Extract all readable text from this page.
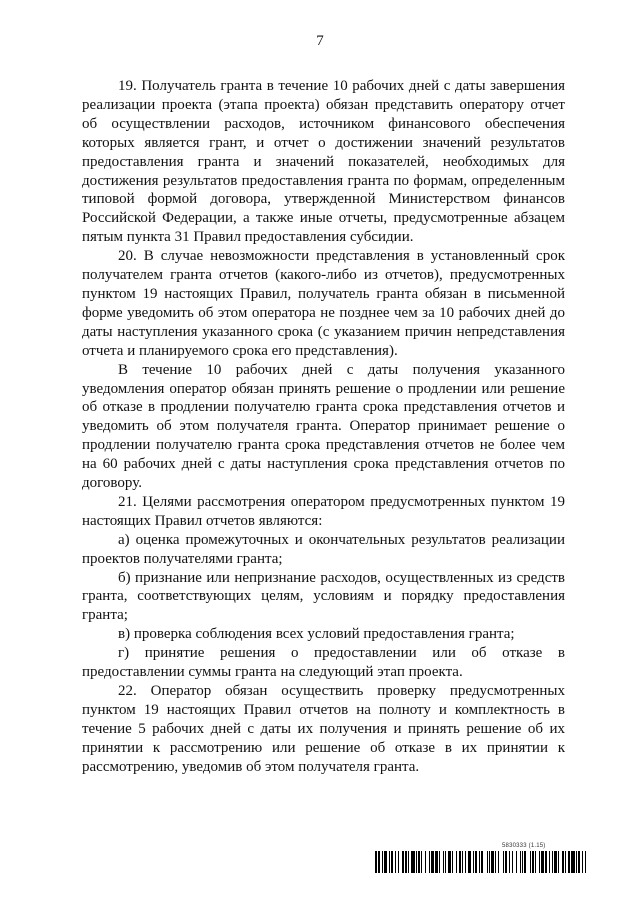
7

19. Получатель гранта в течение 10 рабочих дней с даты завершения реализации проекта (этапа проекта) обязан представить оператору отчет об осуществлении расходов, источником финансового обеспечения которых является грант, и отчет о достижении значений результатов предоставления гранта и значений показателей, необходимых для достижения результатов предоставления гранта по формам, определенным типовой формой договора, утвержденной Министерством финансов Российской Федерации, а также иные отчеты, предусмотренные абзацем пятым пункта 31 Правил предоставления субсидии.

20. В случае невозможности представления в установленный срок получателем гранта отчетов (какого-либо из отчетов), предусмотренных пунктом 19 настоящих Правил, получатель гранта обязан в письменной форме уведомить об этом оператора не позднее чем за 10 рабочих дней до даты наступления указанного срока (с указанием причин непредставления отчета и планируемого срока его представления).

В течение 10 рабочих дней с даты получения указанного уведомления оператор обязан принять решение о продлении или решение об отказе в продлении получателю гранта срока представления отчетов и уведомить об этом получателя гранта. Оператор принимает решение о продлении получателю гранта срока представления отчетов не более чем на 60 рабочих дней с даты наступления срока представления отчетов по договору.

21. Целями рассмотрения оператором предусмотренных пунктом 19 настоящих Правил отчетов являются:

а) оценка промежуточных и окончательных результатов реализации проектов получателями гранта;

б) признание или непризнание расходов, осуществленных из средств гранта, соответствующих целям, условиям и порядку предоставления гранта;

в) проверка соблюдения всех условий предоставления гранта;

г) принятие решения о предоставлении или об отказе в предоставлении суммы гранта на следующий этап проекта.

22. Оператор обязан осуществить проверку предусмотренных пунктом 19 настоящих Правил отчетов на полноту и комплектность в течение 5 рабочих дней с даты их получения и принять решение об их принятии к рассмотрению или решение об отказе в их принятии к рассмотрению, уведомив об этом получателя гранта.

5830333 (1.15)
